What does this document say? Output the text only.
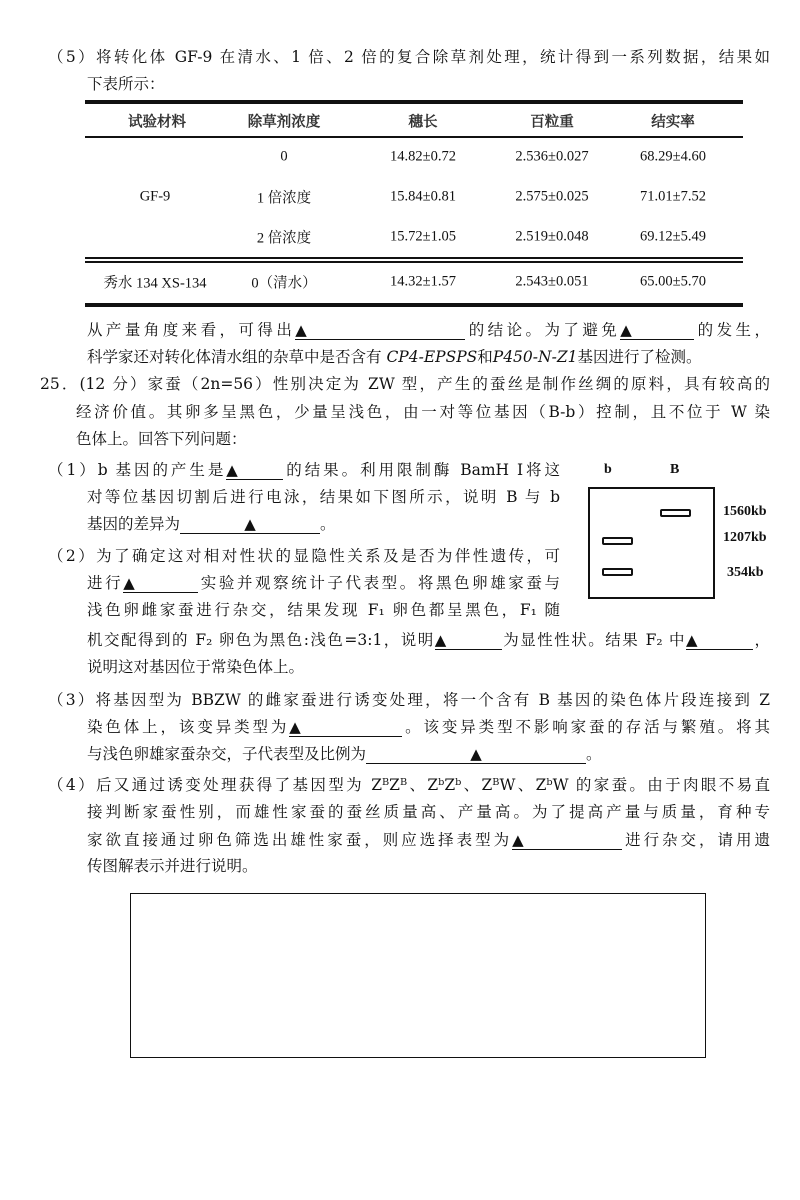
（5）将转化体 GF-9 在清水、1 倍、2 倍的复合除草剂处理，统计得到一系列数据，结果如
下表所示：
从产量角度来看，可得出▲	的结论。为了避免▲	的发生，
科学家还对转化体清水组的杂草中是否含有 CP4-EPSPS和P450-N-Z1基因进行了检测。
25．(12 分）家蚕（2n=56）性别决定为 ZW 型，产生的蚕丝是制作丝绸的原料，具有较高的
经济价值。其卵多呈黑色，少量呈浅色，由一对等位基因（B-b）控制，且不位于 W 染
色体上。回答下列问题：
（1）b 基因的产生是▲	的结果。利用限制酶 BamH Ⅰ将这
对等位基因切割后进行电泳，结果如下图所示，说明 B 与 b
基因的差异为	▲	。
（2）为了确定这对相对性状的显隐性关系及是否为伴性遗传，可
进行▲	实验并观察统计子代表型。将黑色卵雄家蚕与
浅色卵雌家蚕进行杂交，结果发现 F₁ 卵色都呈黑色，F₁ 随
机交配得到的 F₂ 卵色为黑色:浅色=3:1，说明▲	为显性性状。结果 F₂ 中▲	，
说明这对基因位于常染色体上。
（3）将基因型为 BBZW 的雌家蚕进行诱变处理，将一个含有 B 基因的染色体片段连接到 Z
染色体上，该变异类型为▲	。该变异类型不影响家蚕的存活与繁殖。将其
与浅色卵雄家蚕杂交，子代表型及比例为	▲	。
（4）后又通过诱变处理获得了基因型为 ZᴮZᴮ、ZᵇZᵇ、ZᴮW、ZᵇW 的家蚕。由于肉眼不易直
接判断家蚕性别，而雄性家蚕的蚕丝质量高、产量高。为了提高产量与质量，育种专
家欲直接通过卵色筛选出雄性家蚕，则应选择表型为▲	进行杂交，请用遗
传图解表示并进行说明。
试验材料	除草剂浓度	穗长	百粒重	结实率
GF-9
0	14.82±0.72	2.536±0.027	68.29±4.60
1 倍浓度	15.84±0.81	2.575±0.025	71.01±7.52
2 倍浓度	15.72±1.05	2.519±0.048	69.12±5.49
秀水 134 XS-134	0（清水）	14.32±1.57	2.543±0.051	65.00±5.70
b	B
1560kb
1207kb
354kb
